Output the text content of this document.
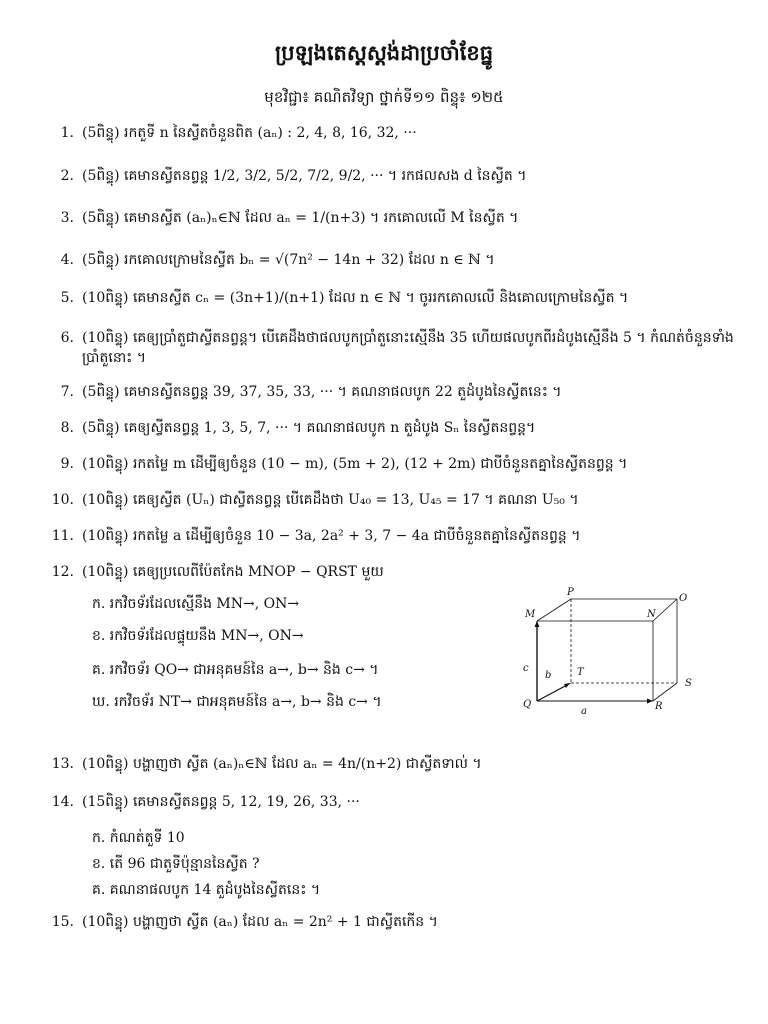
ប្រឡងតេស្តស្តង់ដាប្រចាំខែធ្នូ
មុខវិជ្ជា៖ គណិតវិទ្យា ថ្នាក់ទី១១ ពិន្ទុ៖ ១២៥
1. (5ពិន្ទុ) រកតួទី n នៃស្វីតចំនួនពិត (aₙ) : 2, 4, 8, 16, 32, ···
2. (5ពិន្ទុ) គេមានស្វីតនព្វន្ត 1/2, 3/2, 5/2, 7/2, 9/2, ··· ។ រកផលសង d នៃស្វីត ។
3. (5ពិន្ទុ) គេមានស្វីត (aₙ)ₙ∈ℕ ដែល aₙ = 1/(n+3) ។ រកគោលលើ M នៃស្វីត ។
4. (5ពិន្ទុ) រកគោលក្រោមនៃស្វីត bₙ = √(7n² − 14n + 32) ដែល n ∈ ℕ ។
5. (10ពិន្ទុ) គេមានស្វីត cₙ = (3n+1)/(n+1) ដែល n ∈ ℕ ។ ចូររកគោលលើ និងគោលក្រោមនៃស្វីត ។
6. (10ពិន្ទុ) គេឲ្យប្រាំតួជាស្វីតនព្វន្ត។ បើគេដឹងថាផលបូកប្រាំតួនោះស្មើនឹង 35 ហើយផលបូកពីរដំបូងស្មើនឹង 5 ។ កំណត់ចំនួនទាំងប្រាំតួនោះ ។
7. (5ពិន្ទុ) គេមានស្វីតនព្វន្ត 39, 37, 35, 33, ··· ។ គណនាផលបូក 22 តួដំបូងនៃស្វីតនេះ ។
8. (5ពិន្ទុ) គេឲ្យស្វីតនព្វន្ត 1, 3, 5, 7, ··· ។ គណនាផលបូក n តួដំបូង Sₙ នៃស្វីតនព្វន្ត។
9. (10ពិន្ទុ) រកតម្លៃ m ដើម្បីឲ្យចំនួន (10 − m), (5m + 2), (12 + 2m) ជាបីចំនួនតគ្នានៃស្វីតនព្វន្ត ។
10. (10ពិន្ទុ) គេឲ្យស្វីត (Uₙ) ជាស្វីតនព្វន្ត បើគេដឹងថា U₄₀ = 13, U₄₅ = 17 ។ គណនា U₅₀ ។
11. (10ពិន្ទុ) រកតម្លៃ a ដើម្បីឲ្យចំនួន 10 − 3a, 2a² + 3, 7 − 4a ជាបីចំនួនតគ្នានៃស្វីតនព្វន្ត ។
12. (10ពិន្ទុ) គេឲ្យប្រលេពីប៉ែតកែង MNOP − QRST មួយ
ក. រកវិចទ័រដែលស្មើនឹង MN→, ON→
ខ. រកវិចទ័រដែលផ្ទុយនឹង MN→, ON→
គ. រកវិចទ័រ QO→ ជាអនុគមន៍នៃ a→, b→ និង c→ ។
ឃ. រកវិចទ័រ NT→ ជាអនុគមន៍នៃ a→, b→ និង c→ ។
M
P
N
O
S
T
Q	R
b
c
a
13. (10ពិន្ទុ) បង្ហាញថា ស្វីត (aₙ)ₙ∈ℕ ដែល aₙ = 4n/(n+2) ជាស្វីតទាល់ ។
14. (15ពិន្ទុ) គេមានស្វីតនព្វន្ត 5, 12, 19, 26, 33, ···
ក. កំណត់តួទី 10
ខ. តើ 96 ជាតួទីប៉ុន្មាននៃស្វីត ?
គ. គណនាផលបូក 14 តួដំបូងនៃស្វីតនេះ ។
15. (10ពិន្ទុ) បង្ហាញថា ស្វីត (aₙ) ដែល aₙ = 2n² + 1 ជាស្វីតកើន ។
